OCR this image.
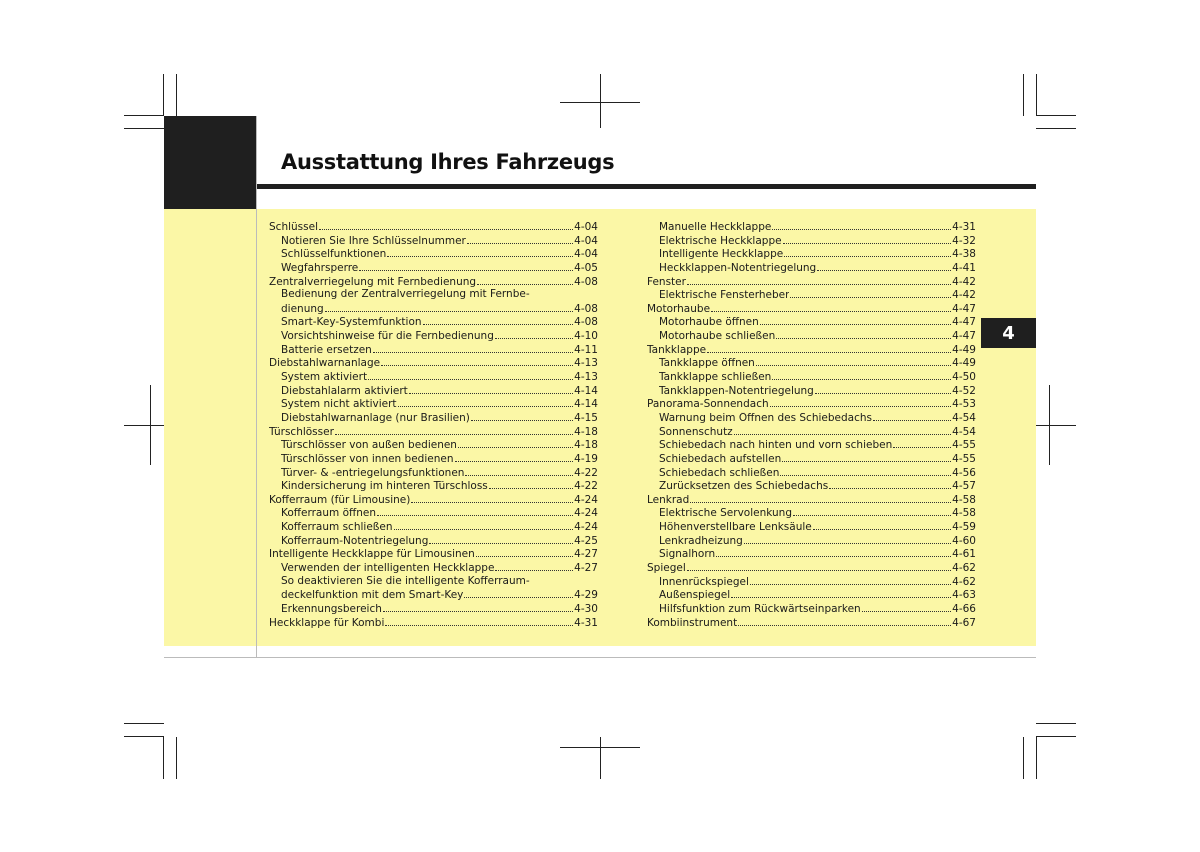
Ausstattung Ihres Fahrzeugs
4
Schlüssel	4-04
Notieren Sie Ihre Schlüsselnummer	4-04
Schlüsselfunktionen	4-04
Wegfahrsperre	4-05
Zentralverriegelung mit Fernbedienung	4-08
Bedienung der Zentralverriegelung mit Fernbe-
dienung	4-08
Smart-Key-Systemfunktion	4-08
Vorsichtshinweise für die Fernbedienung	4-10
Batterie ersetzen	4-11
Diebstahlwarnanlage	4-13
System aktiviert	4-13
Diebstahlalarm aktiviert	4-14
System nicht aktiviert	4-14
Diebstahlwarnanlage (nur Brasilien)	4-15
Türschlösser	4-18
Türschlösser von außen bedienen	4-18
Türschlösser von innen bedienen	4-19
Türver- & -entriegelungsfunktionen	4-22
Kindersicherung im hinteren Türschloss	4-22
Kofferraum (für Limousine)	4-24
Kofferraum öffnen	4-24
Kofferraum schließen	4-24
Kofferraum-Notentriegelung	4-25
Intelligente Heckklappe für Limousinen	4-27
Verwenden der intelligenten Heckklappe	4-27
So deaktivieren Sie die intelligente Kofferraum-
deckelfunktion mit dem Smart-Key	4-29
Erkennungsbereich	4-30
Heckklappe für Kombi	4-31
Manuelle Heckklappe	4-31
Elektrische Heckklappe	4-32
Intelligente Heckklappe	4-38
Heckklappen-Notentriegelung	4-41
Fenster	4-42
Elektrische Fensterheber	4-42
Motorhaube	4-47
Motorhaube öffnen	4-47
Motorhaube schließen	4-47
Tankklappe	4-49
Tankklappe öffnen	4-49
Tankklappe schließen	4-50
Tankklappen-Notentriegelung	4-52
Panorama-Sonnendach	4-53
Warnung beim Öffnen des Schiebedachs	4-54
Sonnenschutz	4-54
Schiebedach nach hinten und vorn schieben	4-55
Schiebedach aufstellen	4-55
Schiebedach schließen	4-56
Zurücksetzen des Schiebedachs	4-57
Lenkrad	4-58
Elektrische Servolenkung	4-58
Höhenverstellbare Lenksäule	4-59
Lenkradheizung	4-60
Signalhorn	4-61
Spiegel	4-62
Innenrückspiegel	4-62
Außenspiegel	4-63
Hilfsfunktion zum Rückwärtseinparken	4-66
Kombiinstrument	4-67
